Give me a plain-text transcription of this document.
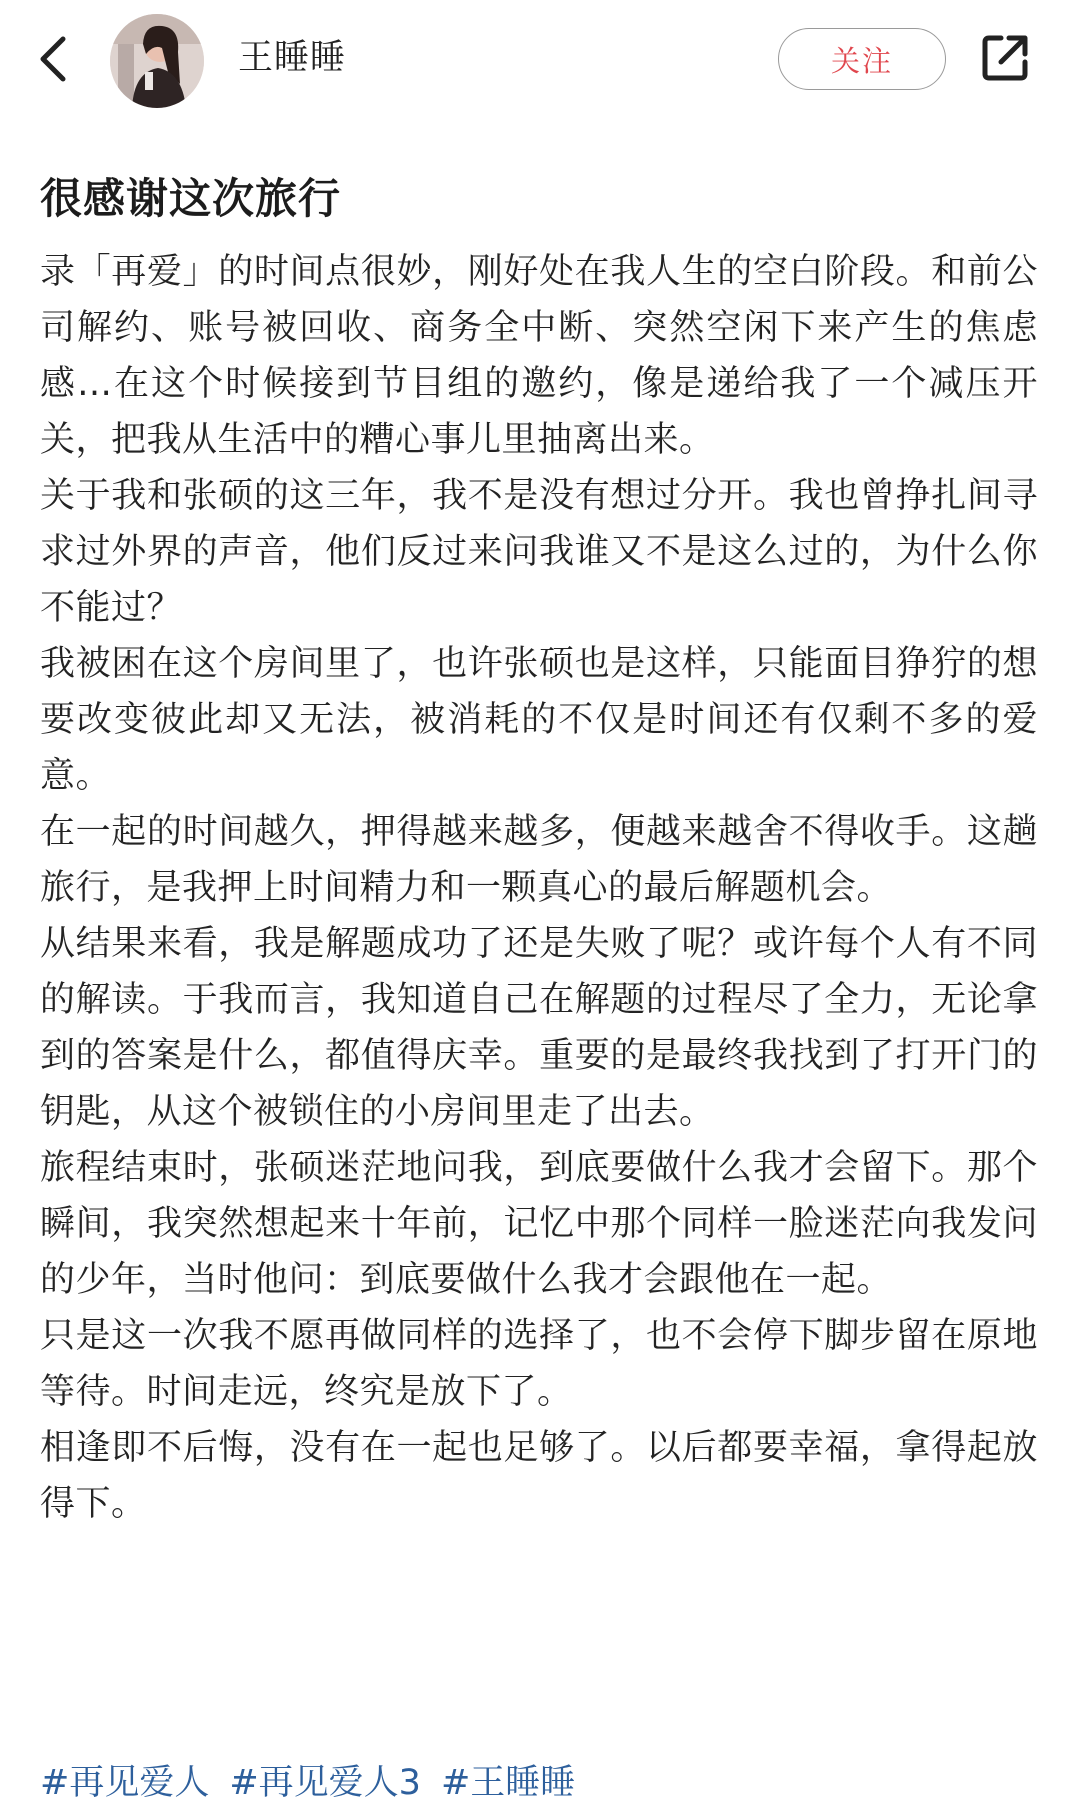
王睡睡	关注
很感谢这次旅行

录「再爱」的时间点很妙，刚好处在我人生的空白阶段。和前公司解约、账号被回收、商务全中断、突然空闲下来产生的焦虑感…在这个时候接到节目组的邀约，像是递给我了一个减压开关，把我从生活中的糟心事儿里抽离出来。

关于我和张硕的这三年，我不是没有想过分开。我也曾挣扎间寻求过外界的声音，他们反过来问我谁又不是这么过的，为什么你不能过？

我被困在这个房间里了，也许张硕也是这样，只能面目狰狞的想要改变彼此却又无法，被消耗的不仅是时间还有仅剩不多的爱意。

在一起的时间越久，押得越来越多，便越来越舍不得收手。这趟旅行，是我押上时间精力和一颗真心的最后解题机会。

从结果来看，我是解题成功了还是失败了呢？或许每个人有不同的解读。于我而言，我知道自己在解题的过程尽了全力，无论拿到的答案是什么，都值得庆幸。重要的是最终我找到了打开门的钥匙，从这个被锁住的小房间里走了出去。

旅程结束时，张硕迷茫地问我，到底要做什么我才会留下。那个瞬间，我突然想起来十年前，记忆中那个同样一脸迷茫向我发问的少年，当时他问：到底要做什么我才会跟他在一起。

只是这一次我不愿再做同样的选择了，也不会停下脚步留在原地等待。时间走远，终究是放下了。

相逢即不后悔，没有在一起也足够了。以后都要幸福，拿得起放得下。

#再见爱人 #再见爱人3 #王睡睡
